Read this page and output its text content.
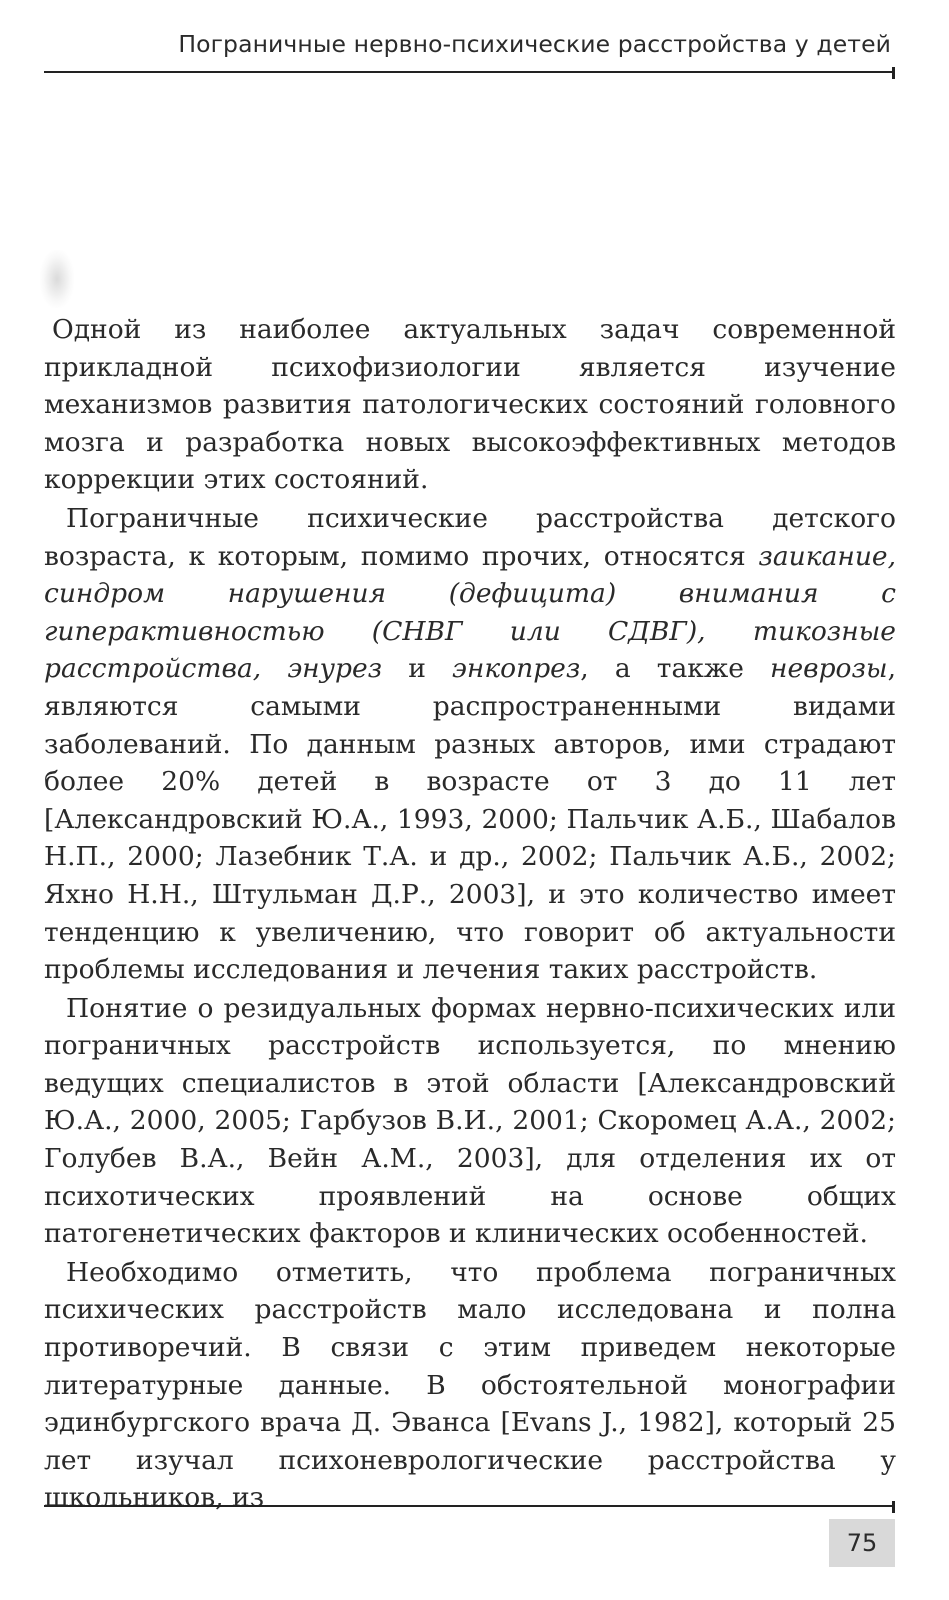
Пограничные нервно-психические расстройства у детей

Одной из наиболее актуальных задач современной прикладной психофизиологии является изучение механизмов развития патологических состояний головного мозга и разработка новых высокоэффективных методов коррекции этих состояний.

Пограничные психические расстройства детского возраста, к которым, помимо прочих, относятся заикание, синдром нарушения (дефицита) внимания с гиперактивностью (СНВГ или СДВГ), тикозные расстройства, энурез и энкопрез, а также неврозы, являются самыми распространенными видами заболеваний. По данным разных авторов, ими страдают более 20% детей в возрасте от 3 до 11 лет [Александровский Ю.А., 1993, 2000; Пальчик А.Б., Шабалов Н.П., 2000; Лазебник Т.А. и др., 2002; Пальчик А.Б., 2002; Яхно Н.Н., Штульман Д.Р., 2003], и это количество имеет тенденцию к увеличению, что говорит об актуальности проблемы исследования и лечения таких расстройств.

Понятие о резидуальных формах нервно-психических или пограничных расстройств используется, по мнению ведущих специалистов в этой области [Александровский Ю.А., 2000, 2005; Гарбузов В.И., 2001; Скоромец А.А., 2002; Голубев В.А., Вейн А.М., 2003], для отделения их от психотических проявлений на основе общих патогенетических факторов и клинических особенностей.

Необходимо отметить, что проблема пограничных психических расстройств мало исследована и полна противоречий. В связи с этим приведем некоторые литературные данные. В обстоятельной монографии эдинбургского врача Д. Эванса [Evans J., 1982], который 25 лет изучал психоневрологические расстройства у школьников, из

75
